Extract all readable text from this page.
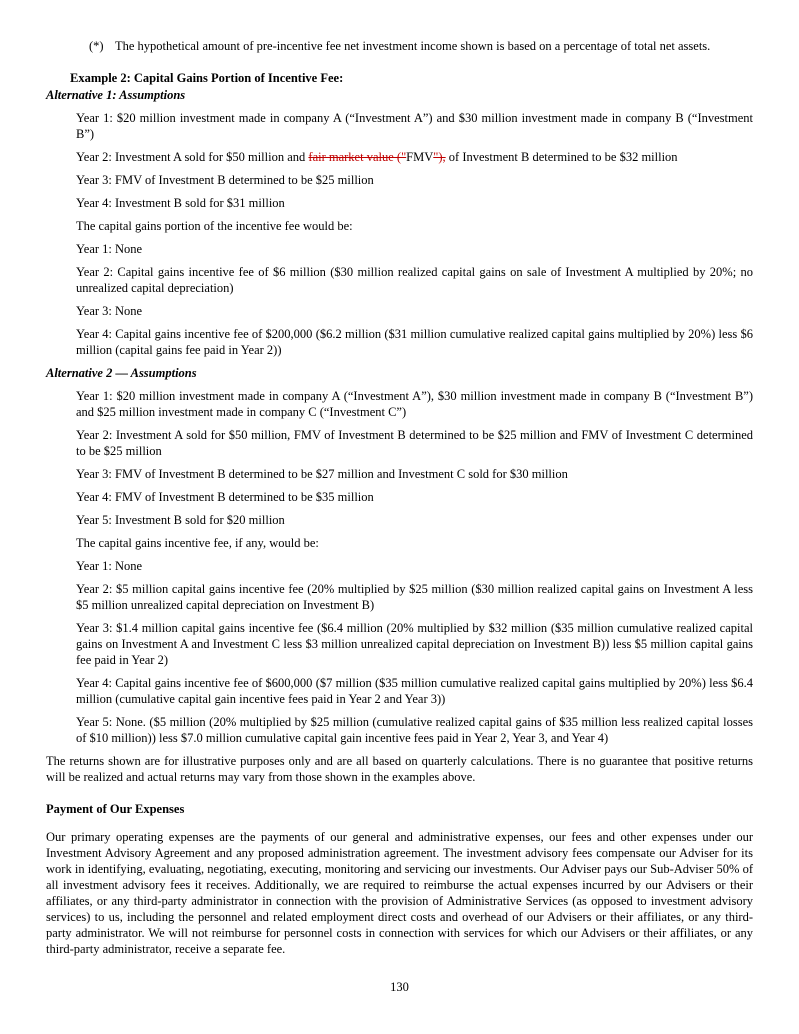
(*) The hypothetical amount of pre-incentive fee net investment income shown is based on a percentage of total net assets.
Example 2: Capital Gains Portion of Incentive Fee:
Alternative 1: Assumptions

Year 1: $20 million investment made in company A (“Investment A”) and $30 million investment made in company B (“Investment B”)

Year 2: Investment A sold for $50 million and fair market value ("FMV"), of Investment B determined to be $32 million

Year 3: FMV of Investment B determined to be $25 million

Year 4: Investment B sold for $31 million

The capital gains portion of the incentive fee would be:

Year 1: None

Year 2: Capital gains incentive fee of $6 million ($30 million realized capital gains on sale of Investment A multiplied by 20%; no unrealized capital depreciation)

Year 3: None

Year 4: Capital gains incentive fee of $200,000 ($6.2 million ($31 million cumulative realized capital gains multiplied by 20%) less $6 million (capital gains fee paid in Year 2))

Alternative 2 — Assumptions

Year 1: $20 million investment made in company A (“Investment A”), $30 million investment made in company B (“Investment B”) and $25 million investment made in company C (“Investment C”)

Year 2: Investment A sold for $50 million, FMV of Investment B determined to be $25 million and FMV of Investment C determined to be $25 million

Year 3: FMV of Investment B determined to be $27 million and Investment C sold for $30 million

Year 4: FMV of Investment B determined to be $35 million

Year 5: Investment B sold for $20 million

The capital gains incentive fee, if any, would be:

Year 1: None

Year 2: $5 million capital gains incentive fee (20% multiplied by $25 million ($30 million realized capital gains on Investment A less $5 million unrealized capital depreciation on Investment B)

Year 3: $1.4 million capital gains incentive fee ($6.4 million (20% multiplied by $32 million ($35 million cumulative realized capital gains on Investment A and Investment C less $3 million unrealized capital depreciation on Investment B)) less $5 million capital gains fee paid in Year 2)

Year 4: Capital gains incentive fee of $600,000 ($7 million ($35 million cumulative realized capital gains multiplied by 20%) less $6.4 million (cumulative capital gain incentive fees paid in Year 2 and Year 3))

Year 5: None. ($5 million (20% multiplied by $25 million (cumulative realized capital gains of $35 million less realized capital losses of $10 million)) less $7.0 million cumulative capital gain incentive fees paid in Year 2, Year 3, and Year 4)

The returns shown are for illustrative purposes only and are all based on quarterly calculations. There is no guarantee that positive returns will be realized and actual returns may vary from those shown in the examples above.

Payment of Our Expenses

Our primary operating expenses are the payments of our general and administrative expenses, our fees and other expenses under our Investment Advisory Agreement and any proposed administration agreement. The investment advisory fees compensate our Adviser for its work in identifying, evaluating, negotiating, executing, monitoring and servicing our investments. Our Adviser pays our Sub-Adviser 50% of all investment advisory fees it receives. Additionally, we are required to reimburse the actual expenses incurred by our Advisers or their affiliates, or any third-party administrator in connection with the provision of Administrative Services (as opposed to investment advisory services) to us, including the personnel and related employment direct costs and overhead of our Advisers or their affiliates, or any third-party administrator. We will not reimburse for personnel costs in connection with services for which our Advisers or their affiliates, or any third-party administrator, receive a separate fee.

130
